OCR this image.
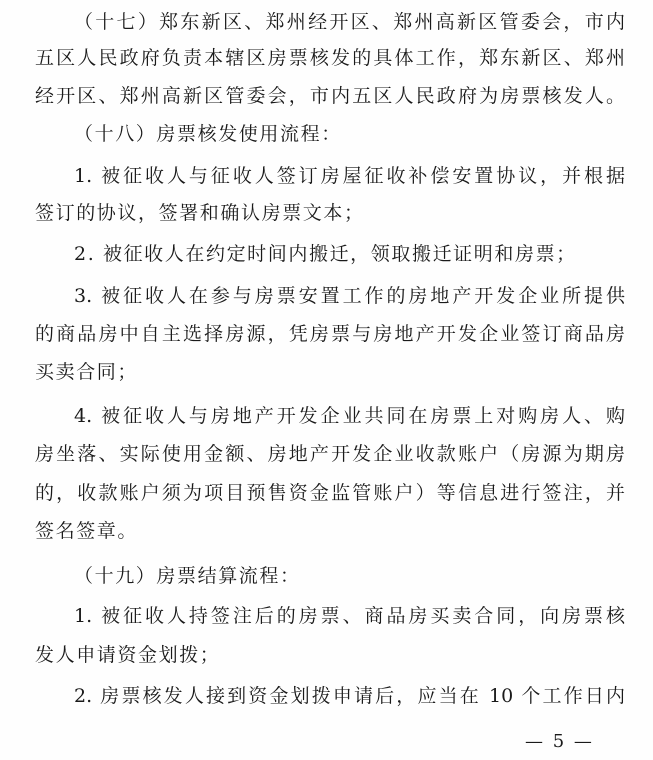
（十七）郑东新区、郑州经开区、郑州高新区管委会，市内
五区人民政府负责本辖区房票核发的具体工作，郑东新区、郑州
经开区、郑州高新区管委会，市内五区人民政府为房票核发人。
（十八）房票核发使用流程：
1. 被征收人与征收人签订房屋征收补偿安置协议，并根据
签订的协议，签署和确认房票文本；
2. 被征收人在约定时间内搬迁，领取搬迁证明和房票；
3. 被征收人在参与房票安置工作的房地产开发企业所提供
的商品房中自主选择房源，凭房票与房地产开发企业签订商品房
买卖合同；
4. 被征收人与房地产开发企业共同在房票上对购房人、购
房坐落、实际使用金额、房地产开发企业收款账户（房源为期房
的，收款账户须为项目预售资金监管账户）等信息进行签注，并
签名签章。
（十九）房票结算流程：
1. 被征收人持签注后的房票、商品房买卖合同，向房票核
发人申请资金划拨；
2. 房票核发人接到资金划拨申请后，应当在 10 个工作日内
— 5 —
